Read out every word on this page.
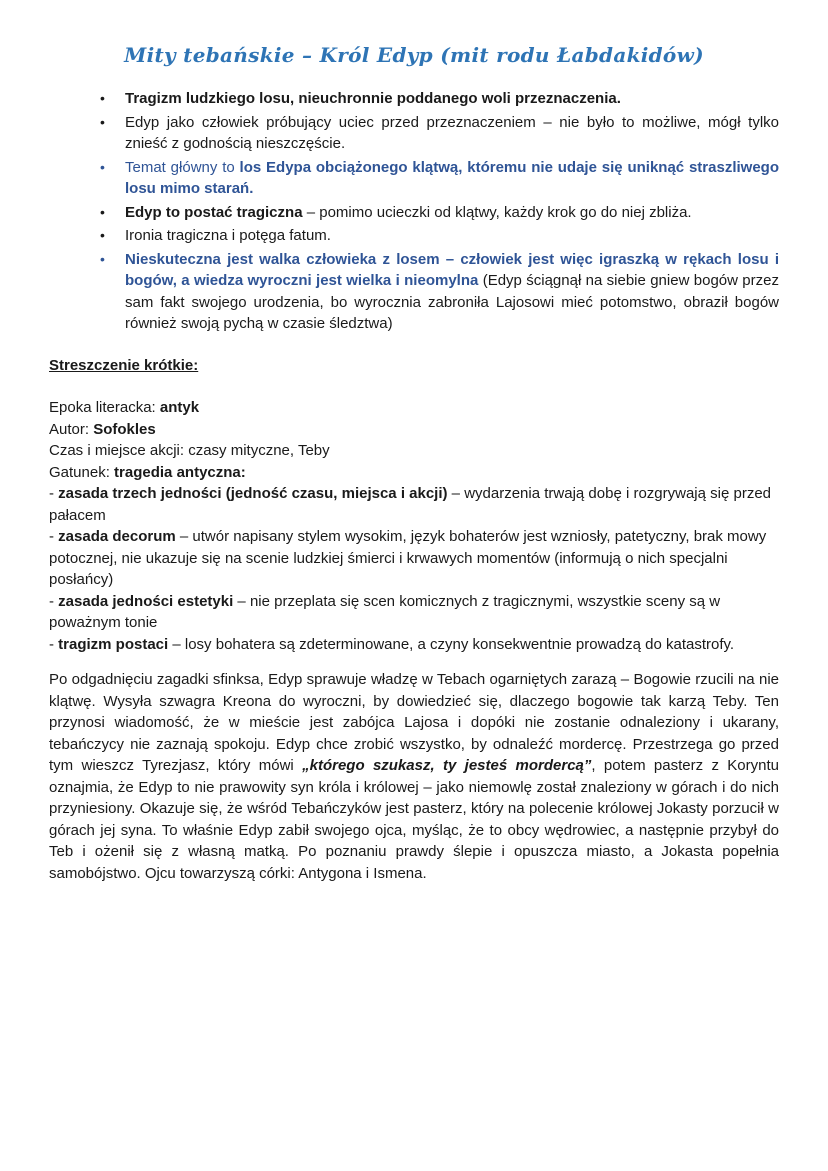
Mity tebańskie – Król Edyp (mit rodu Łabdakidów)
•	Tragizm ludzkiego losu, nieuchronnie poddanego woli przeznaczenia.
•	Edyp jako człowiek próbujący uciec przed przeznaczeniem – nie było to możliwe, mógł tylko znieść z godnością nieszczęście.
•	Temat główny to los Edypa obciążonego klątwą, któremu nie udaje się uniknąć straszliwego losu mimo starań.
•	Edyp to postać tragiczna – pomimo ucieczki od klątwy, każdy krok go do niej zbliża.
•	Ironia tragiczna i potęga fatum.
•	Nieskuteczna jest walka człowieka z losem – człowiek jest więc igraszką w rękach losu i bogów, a wiedza wyroczni jest wielka i nieomylna (Edyp ściągnął na siebie gniew bogów przez sam fakt swojego urodzenia, bo wyrocznia zabroniła Lajosowi mieć potomstwo, obraził bogów również swoją pychą w czasie śledztwa)
Streszczenie krótkie:
Epoka literacka: antyk
Autor: Sofokles
Czas i miejsce akcji: czasy mityczne, Teby
Gatunek: tragedia antyczna:
- zasada trzech jedności (jedność czasu, miejsca i akcji) – wydarzenia trwają dobę i rozgrywają się przed pałacem
- zasada decorum – utwór napisany stylem wysokim, język bohaterów jest wzniosły, patetyczny, brak mowy potocznej, nie ukazuje się na scenie ludzkiej śmierci i krwawych momentów (informują o nich specjalni posłańcy)
- zasada jedności estetyki – nie przeplata się scen komicznych z tragicznymi, wszystkie sceny są w poważnym tonie
- tragizm postaci – losy bohatera są zdeterminowane, a czyny konsekwentnie prowadzą do katastrofy.

Po odgadnięciu zagadki sfinksa, Edyp sprawuje władzę w Tebach ogarniętych zarazą – Bogowie rzucili na nie klątwę. Wysyła szwagra Kreona do wyroczni, by dowiedzieć się, dlaczego bogowie tak karzą Teby. Ten przynosi wiadomość, że w mieście jest zabójca Lajosa i dopóki nie zostanie odnaleziony i ukarany, tebańczycy nie zaznają spokoju. Edyp chce zrobić wszystko, by odnaleźć mordercę. Przestrzega go przed tym wieszcz Tyrezjasz, który mówi „którego szukasz, ty jesteś mordercą”, potem pasterz z Koryntu oznajmia, że Edyp to nie prawowity syn króla i królowej – jako niemowlę został znaleziony w górach i do nich przyniesiony. Okazuje się, że wśród Tebańczyków jest pasterz, który na polecenie królowej Jokasty porzucił w górach jej syna. To właśnie Edyp zabił swojego ojca, myśląc, że to obcy wędrowiec, a następnie przybył do Teb i ożenił się z własną matką. Po poznaniu prawdy ślepie i opuszcza miasto, a Jokasta popełnia samobójstwo. Ojcu towarzyszą córki: Antygona i Ismena.
